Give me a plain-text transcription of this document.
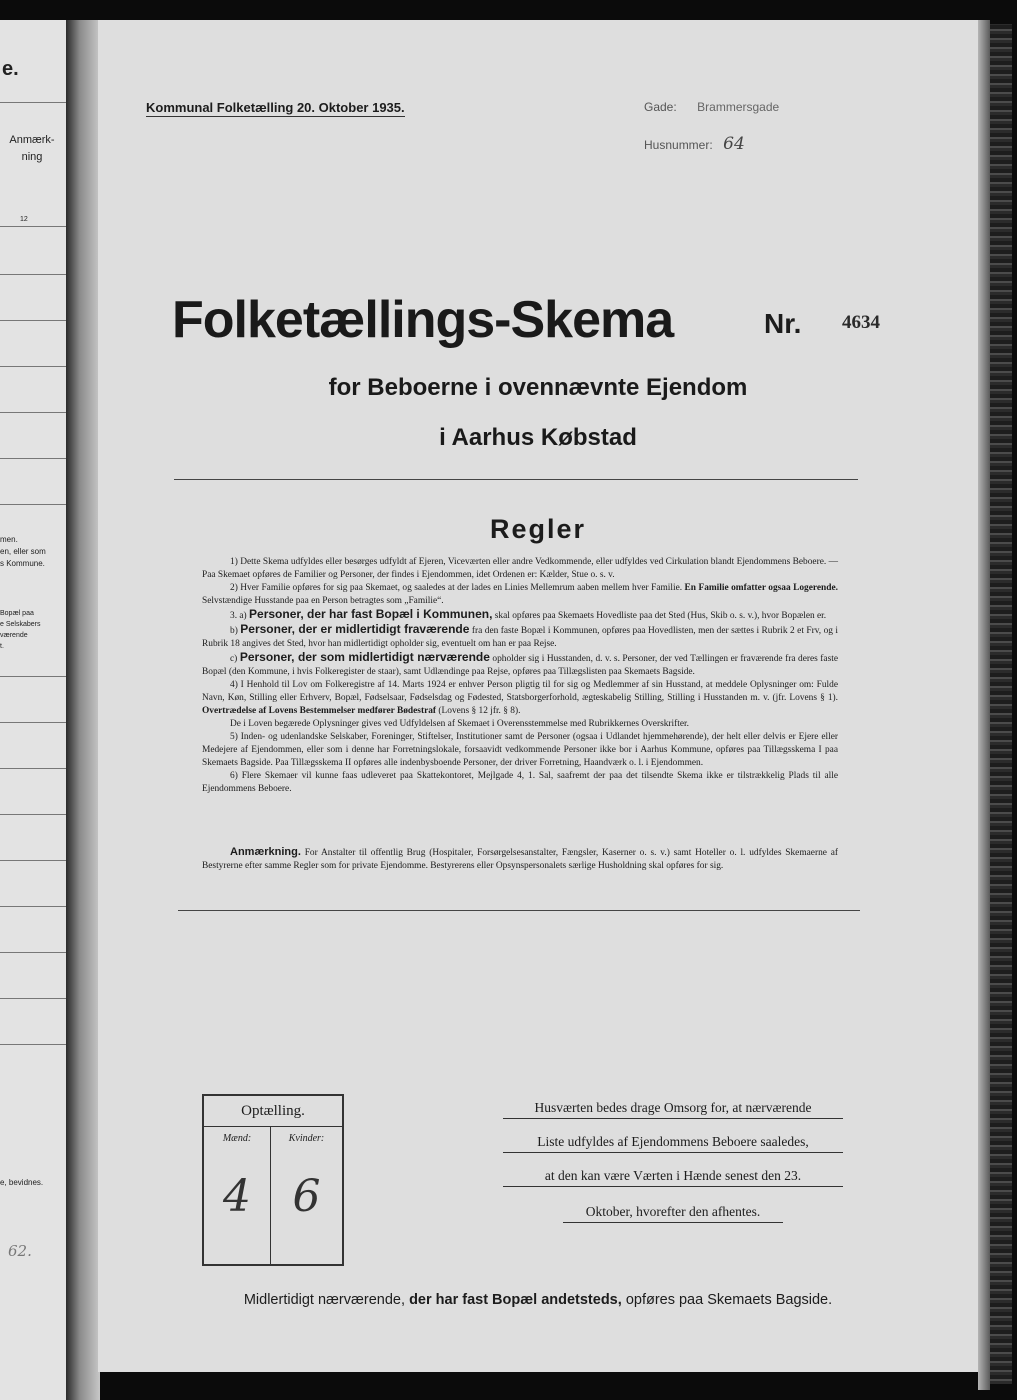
e.
Anmærk-
ning
12
men.
en, eller som
s Kommune.
Bopæl paa
e Selskabers
værende
t.
e, bevidnes.
62.
Kommunal Folketælling 20. Oktober 1935.	Gade: Brammersgade
Husnummer: 64
Folketællings-Skema	Nr. 4634
for Beboerne i ovennævnte Ejendom
i Aarhus Købstad
Regler

1) Dette Skema udfyldes eller besørges udfyldt af Ejeren, Viceværten eller andre Vedkommende, eller udfyldes ved Cirkulation blandt Ejendommens Beboere. — Paa Skemaet opføres de Familier og Personer, der findes i Ejendommen, idet Ordenen er: Kælder, Stue o. s. v.

2) Hver Familie opføres for sig paa Skemaet, og saaledes at der lades en Linies Mellemrum aaben mellem hver Familie. En Familie omfatter ogsaa Logerende. Selvstændige Husstande paa en Person betragtes som „Familie“.

3. a) Personer, der har fast Bopæl i Kommunen, skal opføres paa Skemaets Hovedliste paa det Sted (Hus, Skib o. s. v.), hvor Bopælen er.

b) Personer, der er midlertidigt fraværende fra den faste Bopæl i Kommunen, opføres paa Hovedlisten, men der sættes i Rubrik 2 et Frv, og i Rubrik 18 angives det Sted, hvor han midlertidigt opholder sig, eventuelt om han er paa Rejse.

c) Personer, der som midlertidigt nærværende opholder sig i Husstanden, d. v. s. Personer, der ved Tællingen er fraværende fra deres faste Bopæl (den Kommune, i hvis Folkeregister de staar), samt Udlændinge paa Rejse, opføres paa Tillægslisten paa Skemaets Bagside.

4) I Henhold til Lov om Folkeregistre af 14. Marts 1924 er enhver Person pligtig til for sig og Medlemmer af sin Husstand, at meddele Oplysninger om: Fulde Navn, Køn, Stilling eller Erhverv, Bopæl, Fødselsaar, Fødselsdag og Fødested, Statsborgerforhold, ægteskabelig Stilling, Stilling i Husstanden m. v. (jfr. Lovens § 1). Overtrædelse af Lovens Bestemmelser medfører Bødestraf (Lovens § 12 jfr. § 8).

De i Loven begærede Oplysninger gives ved Udfyldelsen af Skemaet i Overensstemmelse med Rubrikkernes Overskrifter.

5) Inden- og udenlandske Selskaber, Foreninger, Stiftelser, Institutioner samt de Personer (ogsaa i Udlandet hjemmehørende), der helt eller delvis er Ejere eller Medejere af Ejendommen, eller som i denne har Forretningslokale, forsaavidt vedkommende Personer ikke bor i Aarhus Kommune, opføres paa Tillægsskema I paa Skemaets Bagside. Paa Tillægsskema II opføres alle indenbysboende Personer, der driver Forretning, Haandværk o. l. i Ejendommen.

6) Flere Skemaer vil kunne faas udleveret paa Skattekontoret, Mejlgade 4, 1. Sal, saafremt der paa det tilsendte Skema ikke er tilstrækkelig Plads til alle Ejendommens Beboere.

Anmærkning. For Anstalter til offentlig Brug (Hospitaler, Forsørgelsesanstalter, Fængsler, Kaserner o. s. v.) samt Hoteller o. l. udfyldes Skemaerne af Bestyrerne efter samme Regler som for private Ejendomme. Bestyrerens eller Opsynspersonalets særlige Husholdning skal opføres for sig.

Optælling.
Mænd:
4
Kvinder:
6
Husværten bedes drage Omsorg for, at nærværende
Liste udfyldes af Ejendommens Beboere saaledes,
at den kan være Værten i Hænde senest den 23.
Oktober, hvorefter den afhentes.
Midlertidigt nærværende, der har fast Bopæl andetsteds, opføres paa Skemaets Bagside.
